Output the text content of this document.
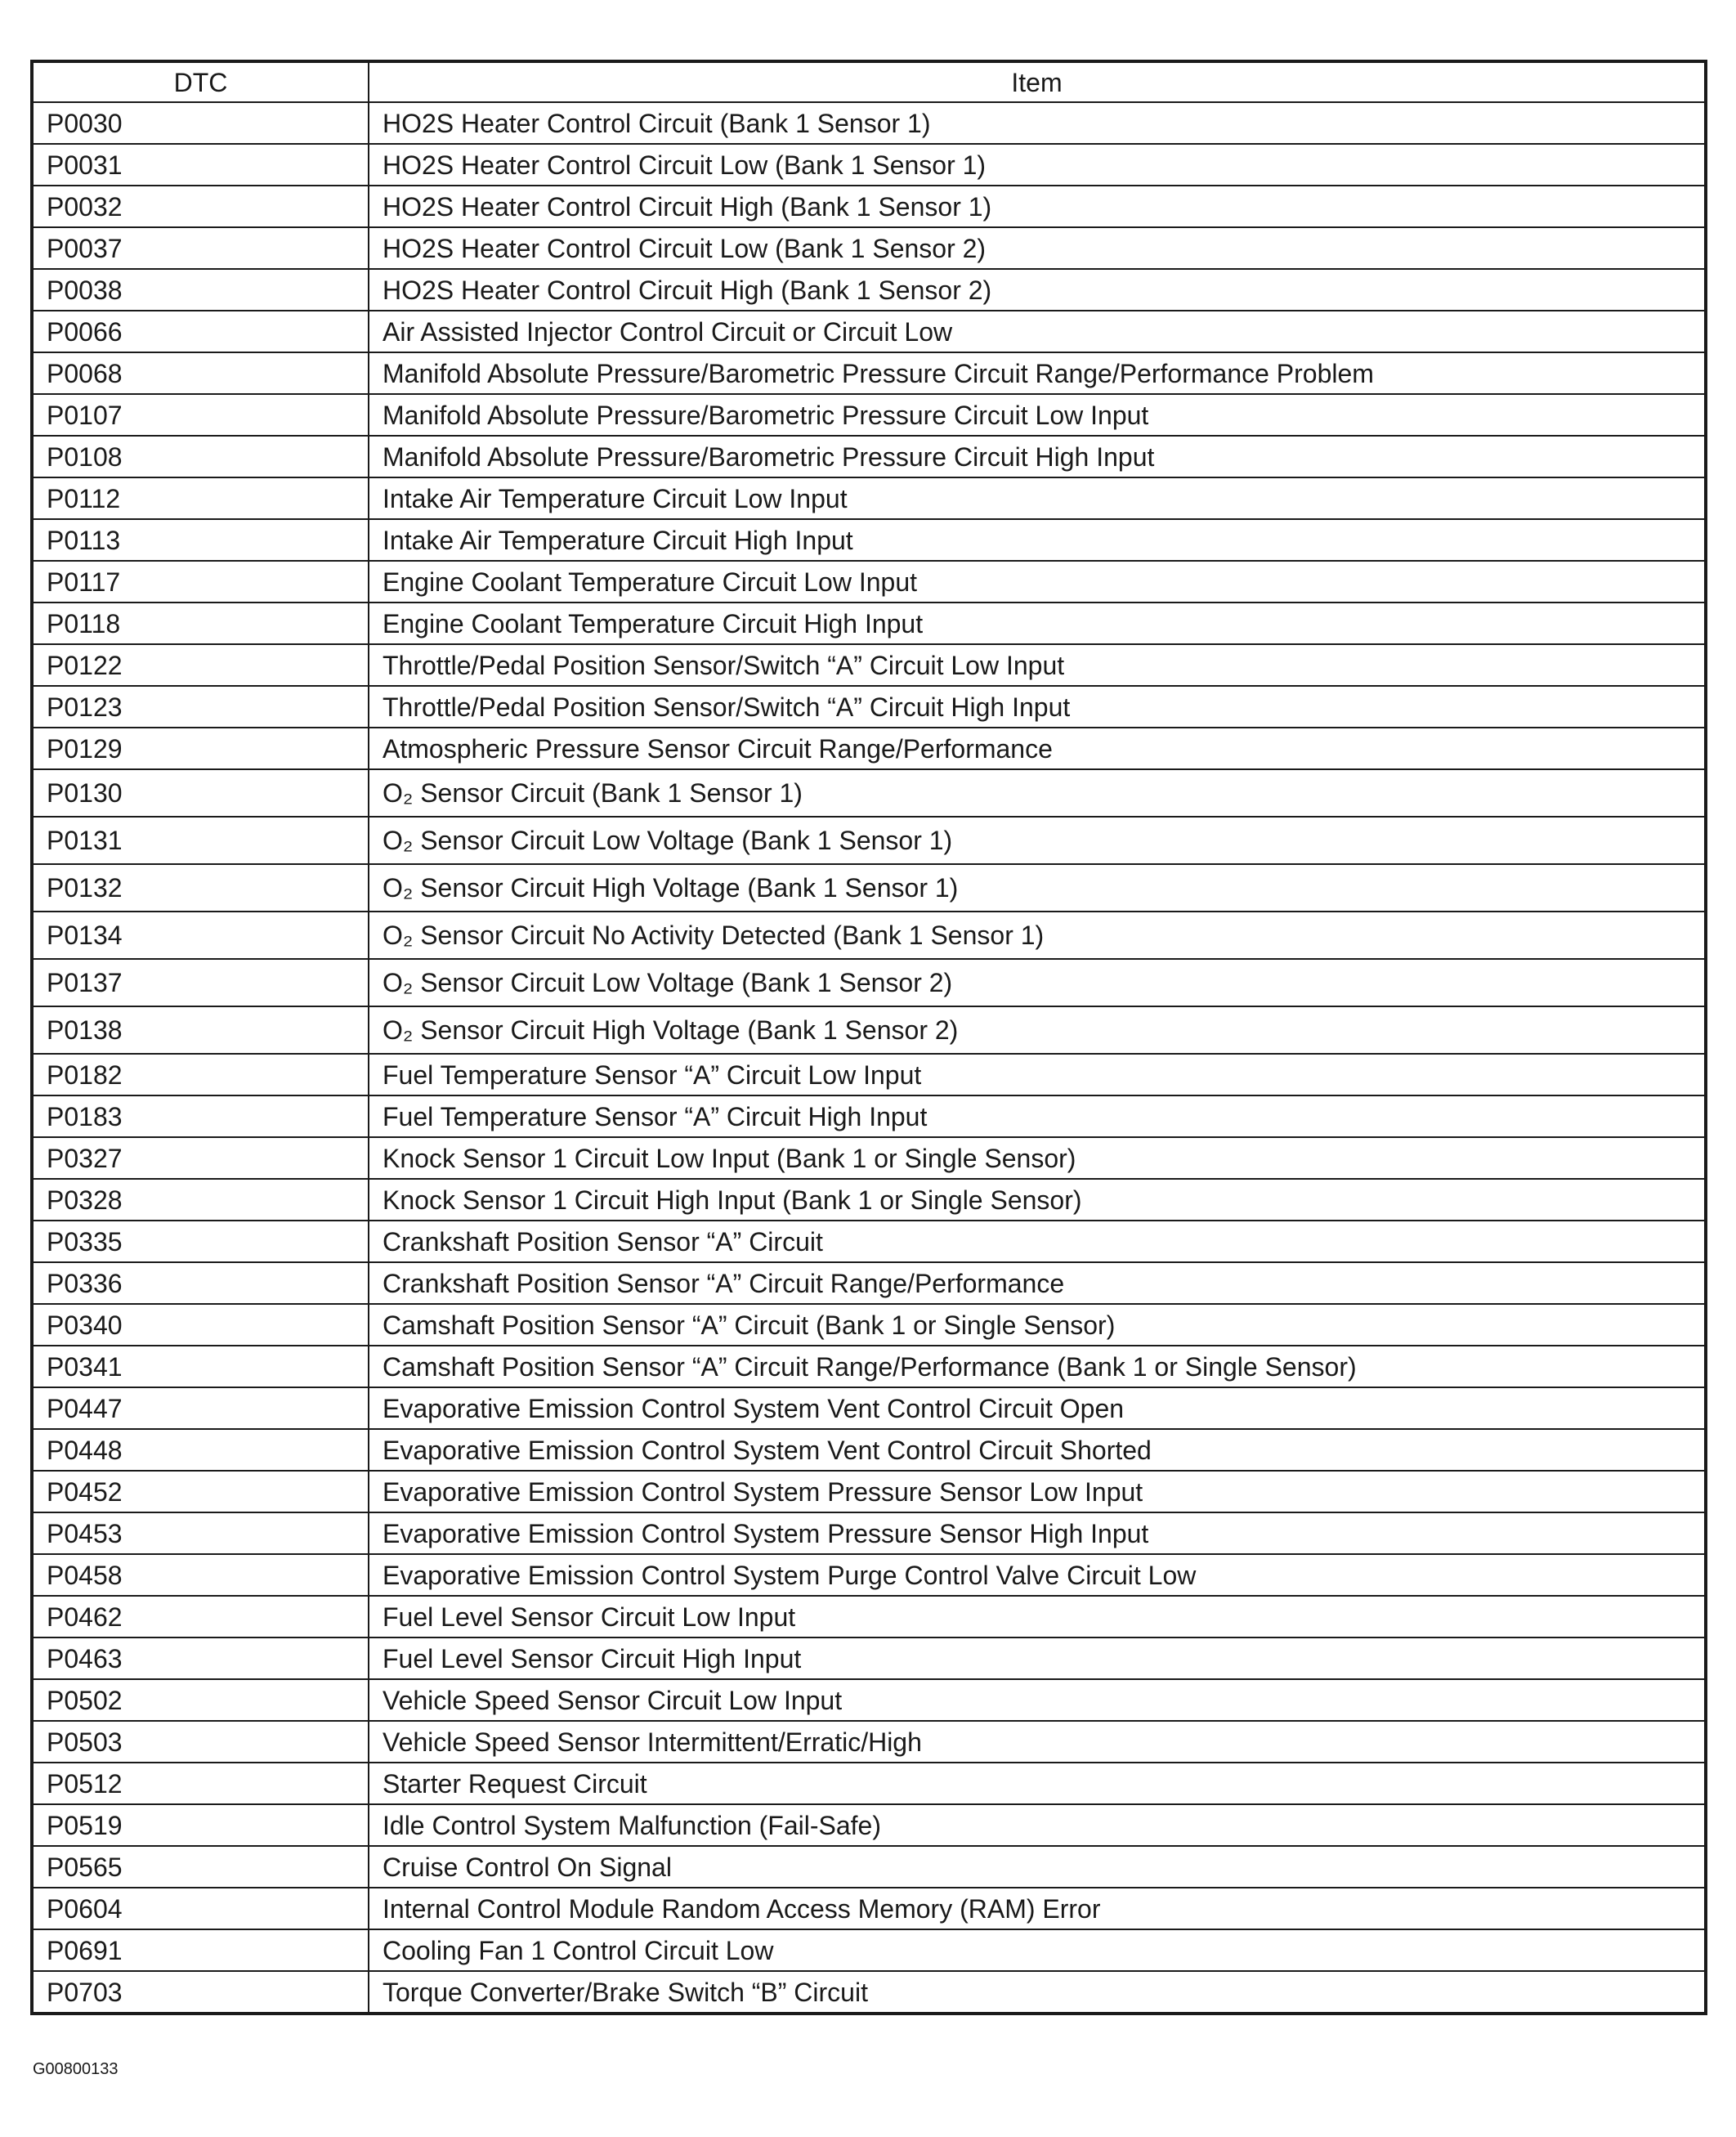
DTC	Item
P0030	HO2S Heater Control Circuit (Bank 1 Sensor 1)
P0031	HO2S Heater Control Circuit Low (Bank 1 Sensor 1)
P0032	HO2S Heater Control Circuit High (Bank 1 Sensor 1)
P0037	HO2S Heater Control Circuit Low (Bank 1 Sensor 2)
P0038	HO2S Heater Control Circuit High (Bank 1 Sensor 2)
P0066	Air Assisted Injector Control Circuit or Circuit Low
P0068	Manifold Absolute Pressure/Barometric Pressure Circuit Range/Performance Problem
P0107	Manifold Absolute Pressure/Barometric Pressure Circuit Low Input
P0108	Manifold Absolute Pressure/Barometric Pressure Circuit High Input
P0112	Intake Air Temperature Circuit Low Input
P0113	Intake Air Temperature Circuit High Input
P0117	Engine Coolant Temperature Circuit Low Input
P0118	Engine Coolant Temperature Circuit High Input
P0122	Throttle/Pedal Position Sensor/Switch “A” Circuit Low Input
P0123	Throttle/Pedal Position Sensor/Switch “A” Circuit High Input
P0129	Atmospheric Pressure Sensor Circuit Range/Performance
P0130	O₂ Sensor Circuit (Bank 1 Sensor 1)
P0131	O₂ Sensor Circuit Low Voltage (Bank 1 Sensor 1)
P0132	O₂ Sensor Circuit High Voltage (Bank 1 Sensor 1)
P0134	O₂ Sensor Circuit No Activity Detected (Bank 1 Sensor 1)
P0137	O₂ Sensor Circuit Low Voltage (Bank 1 Sensor 2)
P0138	O₂ Sensor Circuit High Voltage (Bank 1 Sensor 2)
P0182	Fuel Temperature Sensor “A” Circuit Low Input
P0183	Fuel Temperature Sensor “A” Circuit High Input
P0327	Knock Sensor 1 Circuit Low Input (Bank 1 or Single Sensor)
P0328	Knock Sensor 1 Circuit High Input (Bank 1 or Single Sensor)
P0335	Crankshaft Position Sensor “A” Circuit
P0336	Crankshaft Position Sensor “A” Circuit Range/Performance
P0340	Camshaft Position Sensor “A” Circuit (Bank 1 or Single Sensor)
P0341	Camshaft Position Sensor “A” Circuit Range/Performance (Bank 1 or Single Sensor)
P0447	Evaporative Emission Control System Vent Control Circuit Open
P0448	Evaporative Emission Control System Vent Control Circuit Shorted
P0452	Evaporative Emission Control System Pressure Sensor Low Input
P0453	Evaporative Emission Control System Pressure Sensor High Input
P0458	Evaporative Emission Control System Purge Control Valve Circuit Low
P0462	Fuel Level Sensor Circuit Low Input
P0463	Fuel Level Sensor Circuit High Input
P0502	Vehicle Speed Sensor Circuit Low Input
P0503	Vehicle Speed Sensor Intermittent/Erratic/High
P0512	Starter Request Circuit
P0519	Idle Control System Malfunction (Fail-Safe)
P0565	Cruise Control On Signal
P0604	Internal Control Module Random Access Memory (RAM) Error
P0691	Cooling Fan 1 Control Circuit Low
P0703	Torque Converter/Brake Switch “B” Circuit
G00800133
